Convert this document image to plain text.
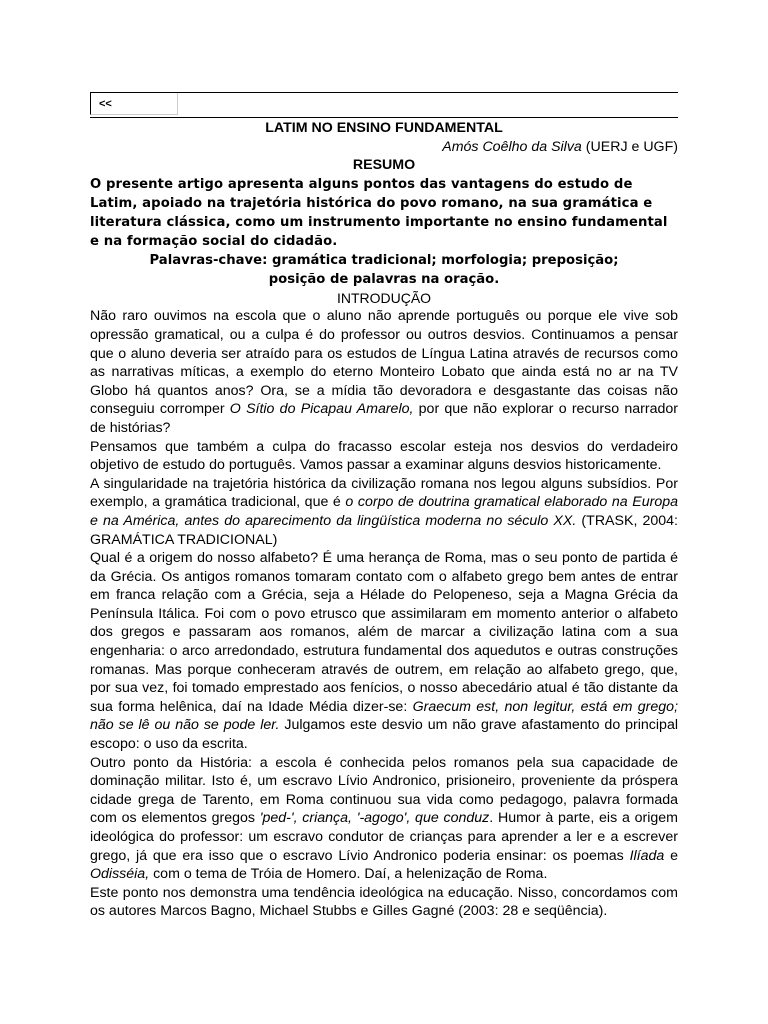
<<
LATIM NO ENSINO FUNDAMENTAL
Amós Coêlho da Silva (UERJ e UGF)
RESUMO
O presente artigo apresenta alguns pontos das vantagens do estudo de Latim, apoiado na trajetória histórica do povo romano, na sua gramática e literatura clássica, como um instrumento importante no ensino fundamental e na formação social do cidadão.
Palavras-chave: gramática tradicional; morfologia; preposição;
posição de palavras na oração.
INTRODUÇÃO

Não raro ouvimos na escola que o aluno não aprende português ou porque ele vive sob opressão gramatical, ou a culpa é do professor ou outros desvios. Continuamos a pensar que o aluno deveria ser atraído para os estudos de Língua Latina através de recursos como as narrativas míticas, a exemplo do eterno Monteiro Lobato que ainda está no ar na TV Globo há quantos anos? Ora, se a mídia tão devoradora e desgastante das coisas não conseguiu corromper O Sítio do Picapau Amarelo, por que não explorar o recurso narrador de histórias?

Pensamos que também a culpa do fracasso escolar esteja nos desvios do verdadeiro objetivo de estudo do português. Vamos passar a examinar alguns desvios historicamente.

A singularidade na trajetória histórica da civilização romana nos legou alguns subsídios. Por exemplo, a gramática tradicional, que é o corpo de doutrina gramatical elaborado na Europa e na América, antes do aparecimento da lingüística moderna no século XX. (TRASK, 2004: GRAMÁTICA TRADICIONAL)

Qual é a origem do nosso alfabeto? É uma herança de Roma, mas o seu ponto de partida é da Grécia. Os antigos romanos tomaram contato com o alfabeto grego bem antes de entrar em franca relação com a Grécia, seja a Hélade do Pelopeneso, seja a Magna Grécia da Península Itálica. Foi com o povo etrusco que assimilaram em momento anterior o alfabeto dos gregos e passaram aos romanos, além de marcar a civilização latina com a sua engenharia: o arco arredondado, estrutura fundamental dos aquedutos e outras construções romanas. Mas porque conheceram através de outrem, em relação ao alfabeto grego, que, por sua vez, foi tomado emprestado aos fenícios, o nosso abecedário atual é tão distante da sua forma helênica, daí na Idade Média dizer-se: Graecum est, non legitur, está em grego; não se lê ou não se pode ler. Julgamos este desvio um não grave afastamento do principal escopo: o uso da escrita.

Outro ponto da História: a escola é conhecida pelos romanos pela sua capacidade de dominação militar. Isto é, um escravo Lívio Andronico, prisioneiro, proveniente da próspera cidade grega de Tarento, em Roma continuou sua vida como pedagogo, palavra formada com os elementos gregos 'ped-', criança, '-agogo', que conduz. Humor à parte, eis a origem ideológica do professor: um escravo condutor de crianças para aprender a ler e a escrever grego, já que era isso que o escravo Lívio Andronico poderia ensinar: os poemas Ilíada e Odisséia, com o tema de Tróia de Homero. Daí, a helenização de Roma.

Este ponto nos demonstra uma tendência ideológica na educação. Nisso, concordamos com os autores Marcos Bagno, Michael Stubbs e Gilles Gagné (2003: 28 e seqüência).
